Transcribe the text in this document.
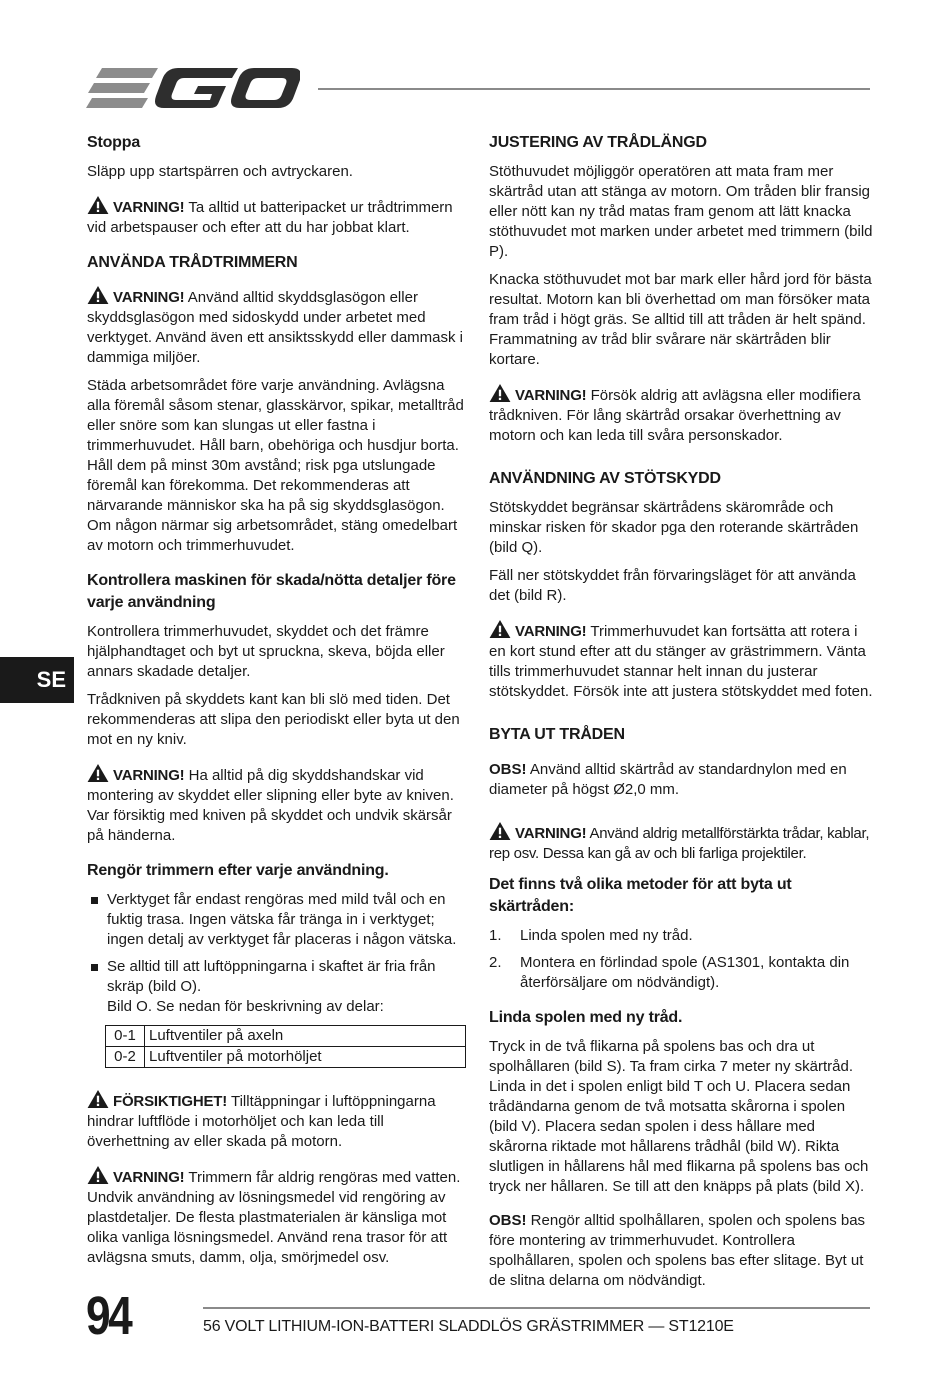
SE
Stoppa

Släpp upp startspärren och avtryckaren.

VARNING! Ta alltid ut batteripacket ur trådtrimmern vid arbetspauser och efter att du har jobbat klart.

ANVÄNDA TRÅDTRIMMERN

VARNING! Använd alltid skyddsglasögon eller skyddsglasögon med sidoskydd under arbetet med verktyget. Använd även ett ansiktsskydd eller dammask i dammiga miljöer.

Städa arbetsområdet före varje användning. Avlägsna alla föremål såsom stenar, glasskärvor, spikar, metalltråd eller snöre som kan slungas ut eller fastna i trimmerhuvudet. Håll barn, obehöriga och husdjur borta. Håll dem på minst 30m avstånd; risk pga utslungade föremål kan förekomma. Det rekommenderas att närvarande människor ska ha på sig skyddsglasögon. Om någon närmar sig arbetsområdet, stäng omedelbart av motorn och trimmerhuvudet.

Kontrollera maskinen för skada/nötta detaljer före varje användning

Kontrollera trimmerhuvudet, skyddet och det främre hjälphandtaget och byt ut spruckna, skeva, böjda eller annars skadade detaljer.

Trådkniven på skyddets kant kan bli slö med tiden. Det rekommenderas att slipa den periodiskt eller byta ut den mot en ny kniv.

VARNING! Ha alltid på dig skyddshandskar vid montering av skyddet eller slipning eller byte av kniven. Var försiktig med kniven på skyddet och undvik skärsår på händerna.

Rengör trimmern efter varje användning.
Verktyget får endast rengöras med mild tvål och en fuktig trasa. Ingen vätska får tränga in i verktyget; ingen detalj av verktyget får placeras i någon vätska.
Se alltid till att luftöppningarna i skaftet är fria från skräp (bild O).
Bild O. Se nedan för beskrivning av delar:
0-1	Luftventiler på axeln
0-2	Luftventiler på motorhöljet

FÖRSIKTIGHET! Tilltäppningar i luftöppningarna hindrar luftflöde i motorhöljet och kan leda till överhettning av eller skada på motorn.

VARNING! Trimmern får aldrig rengöras med vatten. Undvik användning av lösningsmedel vid rengöring av plastdetaljer. De flesta plastmaterialen är känsliga mot olika vanliga lösningsmedel. Använd rena trasor för att avlägsna smuts, damm, olja, smörjmedel osv.

JUSTERING AV TRÅDLÄNGD

Stöthuvudet möjliggör operatören att mata fram mer skärtråd utan att stänga av motorn. Om tråden blir fransig eller nött kan ny tråd matas fram genom att lätt knacka stöthuvudet mot marken under arbetet med trimmern (bild P).

Knacka stöthuvudet mot bar mark eller hård jord för bästa resultat. Motorn kan bli överhettad om man försöker mata fram tråd i högt gräs. Se alltid till att tråden är helt spänd. Frammatning av tråd blir svårare när skärtråden blir kortare.

VARNING! Försök aldrig att avlägsna eller modifiera trådkniven. För lång skärtråd orsakar överhettning av motorn och kan leda till svåra personskador.

ANVÄNDNING AV STÖTSKYDD

Stötskyddet begränsar skärtrådens skärområde och minskar risken för skador pga den roterande skärtråden (bild Q).

Fäll ner stötskyddet från förvaringsläget för att använda det (bild R).

VARNING! Trimmerhuvudet kan fortsätta att rotera i en kort stund efter att du stänger av grästrimmern. Vänta tills trimmerhuvudet stannar helt innan du justerar stötskyddet. Försök inte att justera stötskyddet med foten.

BYTA UT TRÅDEN

OBS! Använd alltid skärtråd av standardnylon med en diameter på högst Ø2,0 mm.

VARNING! Använd aldrig metallförstärkta trådar, kablar, rep osv. Dessa kan gå av och bli farliga projektiler.

Det finns två olika metoder för att byta ut skärtråden:
1. Linda spolen med ny tråd.
2. Montera en förlindad spole (AS1301, kontakta din återförsäljare om nödvändigt).
Linda spolen med ny tråd.

Tryck in de två flikarna på spolens bas och dra ut spolhållaren (bild S). Ta fram cirka 7 meter ny skärtråd. Linda in det i spolen enligt bild T och U. Placera sedan trådändarna genom de två motsatta skårorna i spolen (bild V). Placera sedan spolen i dess hållare med skårorna riktade mot hållarens trådhål (bild W). Rikta slutligen in hållarens hål med flikarna på spolens bas och tryck ner hållaren. Se till att den knäpps på plats (bild X).

OBS! Rengör alltid spolhållaren, spolen och spolens bas före montering av trimmerhuvudet. Kontrollera spolhållaren, spolen och spolens bas efter slitage. Byt ut de slitna delarna om nödvändigt.

94	56 VOLT LITHIUM-ION-BATTERI SLADDLÖS GRÄSTRIMMER — ST1210E
